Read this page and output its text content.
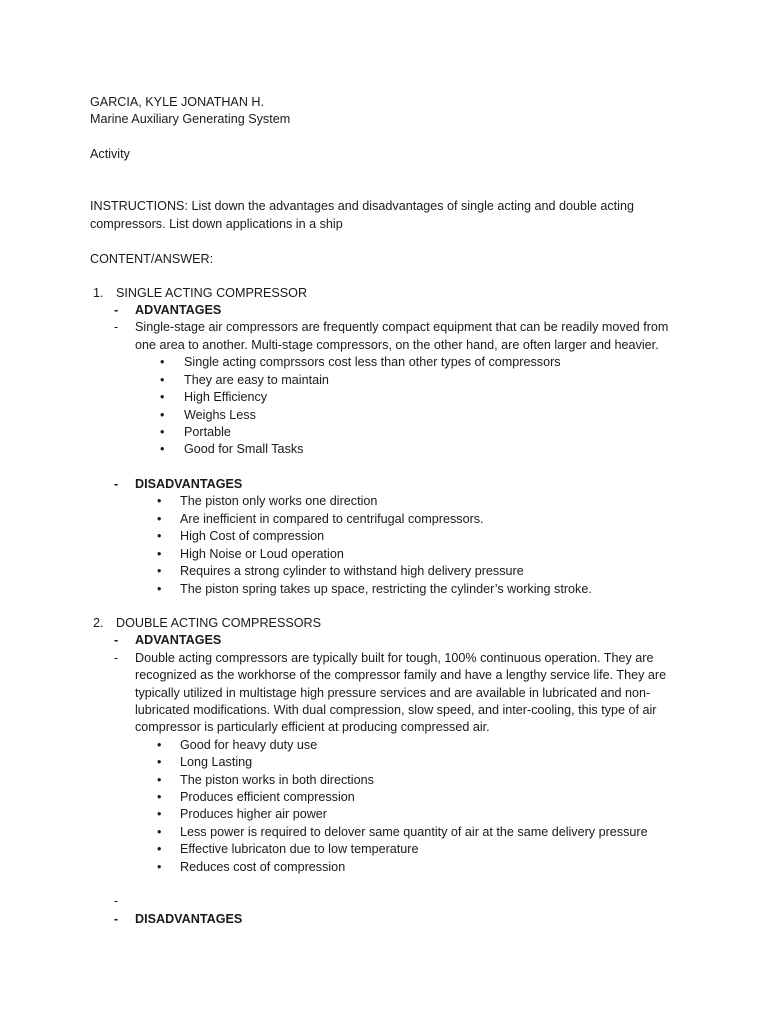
GARCIA, KYLE JONATHAN H.
Marine Auxiliary Generating System
Activity
INSTRUCTIONS: List down the advantages and disadvantages of single acting and double acting
compressors. List down applications in a ship
CONTENT/ANSWER:
1. SINGLE ACTING COMPRESSOR
- ADVANTAGES
- Single-stage air compressors are frequently compact equipment that can be readily moved from
one area to another. Multi-stage compressors, on the other hand, are often larger and heavier.
• Single acting comprssors cost less than other types of compressors
• They are easy to maintain
• High Efficiency
• Weighs Less
• Portable
• Good for Small Tasks
- DISADVANTAGES
• The piston only works one direction
• Are inefficient in compared to centrifugal compressors.
• High Cost of compression
• High Noise or Loud operation
• Requires a strong cylinder to withstand high delivery pressure
• The piston spring takes up space, restricting the cylinder’s working stroke.
2. DOUBLE ACTING COMPRESSORS
- ADVANTAGES
- Double acting compressors are typically built for tough, 100% continuous operation. They are
recognized as the workhorse of the compressor family and have a lengthy service life. They are
typically utilized in multistage high pressure services and are available in lubricated and non-
lubricated modifications. With dual compression, slow speed, and inter-cooling, this type of air
compressor is particularly efficient at producing compressed air.
• Good for heavy duty use
• Long Lasting
• The piston works in both directions
• Produces efficient compression
• Produces higher air power
• Less power is required to delover same quantity of air at the same delivery pressure
• Effective lubricaton due to low temperature
• Reduces cost of compression
-
- DISADVANTAGES
